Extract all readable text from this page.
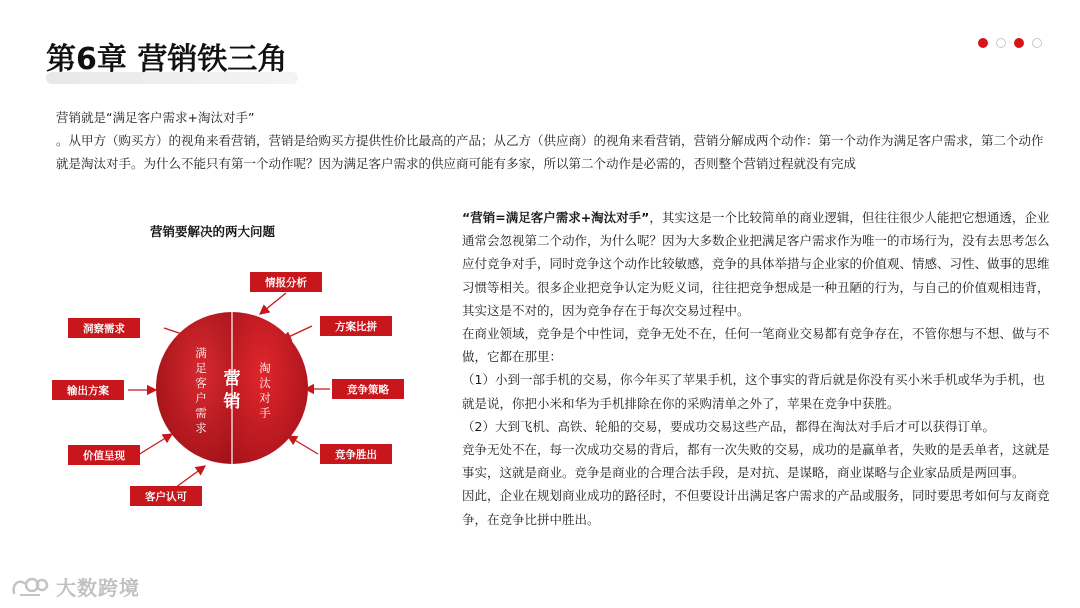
第6章 营销铁三角

营销就是“满足客户需求+淘汰对手”

。从甲方（购买方）的视角来看营销，营销是给购买方提供性价比最高的产品；从乙方（供应商）的视角来看营销，营销分解成两个动作：第一个动作为满足客户需求，第二个动作就是淘汰对手。为什么不能只有第一个动作呢？因为满足客户需求的供应商可能有多家，所以第二个动作是必需的，否则整个营销过程就没有完成

营销要解决的两大问题
满
足
客
户
需
求
淘
汰
对
手
营
销
洞察需求
输出方案
价值呈现
客户认可
情报分析
方案比拼
竞争策略
竞争胜出

“营销=满足客户需求+淘汰对手”，其实这是一个比较简单的商业逻辑，但往往很少人能把它想通透，企业通常会忽视第二个动作，为什么呢？因为大多数企业把满足客户需求作为唯一的市场行为，没有去思考怎么应付竞争对手，同时竞争这个动作比较敏感，竞争的具体举措与企业家的价值观、情感、习性、做事的思维习惯等相关。很多企业把竞争认定为贬义词，往往把竞争想成是一种丑陋的行为，与自己的价值观相违背，其实这是不对的，因为竞争存在于每次交易过程中。

在商业领域，竞争是个中性词，竞争无处不在，任何一笔商业交易都有竞争存在，不管你想与不想、做与不做，它都在那里：

（1）小到一部手机的交易，你今年买了苹果手机，这个事实的背后就是你没有买小米手机或华为手机，也就是说，你把小米和华为手机排除在你的采购清单之外了，苹果在竞争中获胜。

（2）大到飞机、高铁、轮船的交易，要成功交易这些产品，都得在淘汰对手后才可以获得订单。

竞争无处不在，每一次成功交易的背后，都有一次失败的交易，成功的是赢单者，失败的是丢单者，这就是事实，这就是商业。竞争是商业的合理合法手段，是对抗、是谋略，商业谋略与企业家品质是两回事。

因此，企业在规划商业成功的路径时，不但要设计出满足客户需求的产品或服务，同时要思考如何与友商竞争，在竞争比拼中胜出。

大数跨境
